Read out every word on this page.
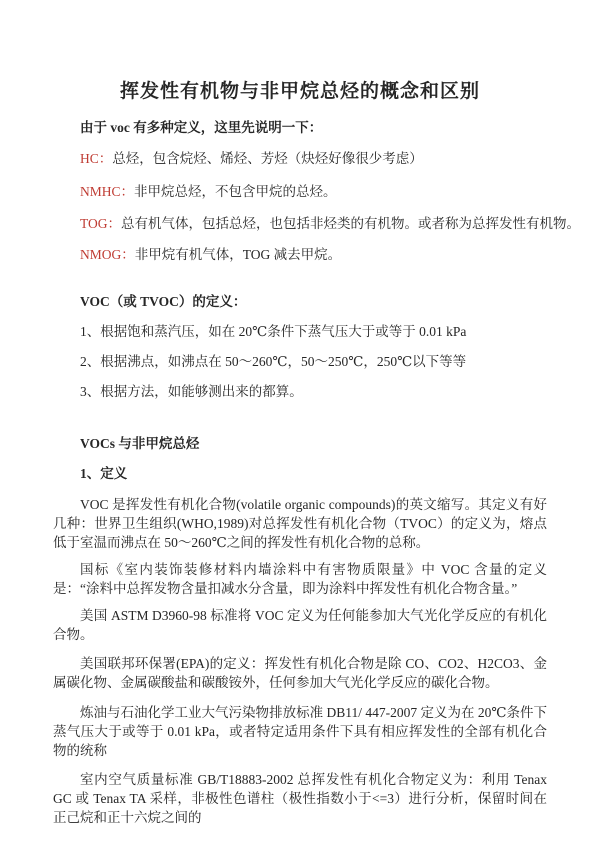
挥发性有机物与非甲烷总烃的概念和区别

由于 voc 有多种定义，这里先说明一下：

HC：总烃，包含烷烃、烯烃、芳烃（炔烃好像很少考虑）

NMHC：非甲烷总烃，不包含甲烷的总烃。

TOG：总有机气体，包括总烃，也包括非烃类的有机物。或者称为总挥发性有机物。

NMOG：非甲烷有机气体，TOG 减去甲烷。

VOC（或 TVOC）的定义：

1、根据饱和蒸汽压，如在 20℃条件下蒸气压大于或等于 0.01 kPa

2、根据沸点，如沸点在 50～260℃，50～250℃，250℃以下等等

3、根据方法，如能够测出来的都算。

VOCs 与非甲烷总烃

1、定义

VOC 是挥发性有机化合物(volatile organic compounds)的英文缩写。其定义有好几种：世界卫生组织(WHO,1989)对总挥发性有机化合物（TVOC）的定义为，熔点低于室温而沸点在 50～260℃之间的挥发性有机化合物的总称。

国标《室内装饰装修材料内墙涂料中有害物质限量》中 VOC 含量的定义是：“涂料中总挥发物含量扣减水分含量，即为涂料中挥发性有机化合物含量。”

美国 ASTM D3960-98 标准将 VOC 定义为任何能参加大气光化学反应的有机化合物。

美国联邦环保署(EPA)的定义：挥发性有机化合物是除 CO、CO2、H2CO3、金属碳化物、金属碳酸盐和碳酸铵外，任何参加大气光化学反应的碳化合物。

炼油与石油化学工业大气污染物排放标准 DB11/ 447-2007 定义为在 20℃条件下蒸气压大于或等于 0.01 kPa，或者特定适用条件下具有相应挥发性的全部有机化合物的统称

室内空气质量标准 GB/T18883-2002 总挥发性有机化合物定义为：利用 Tenax GC 或 Tenax TA 采样，非极性色谱柱（极性指数小于<=3）进行分析，保留时间在正己烷和正十六烷之间的
